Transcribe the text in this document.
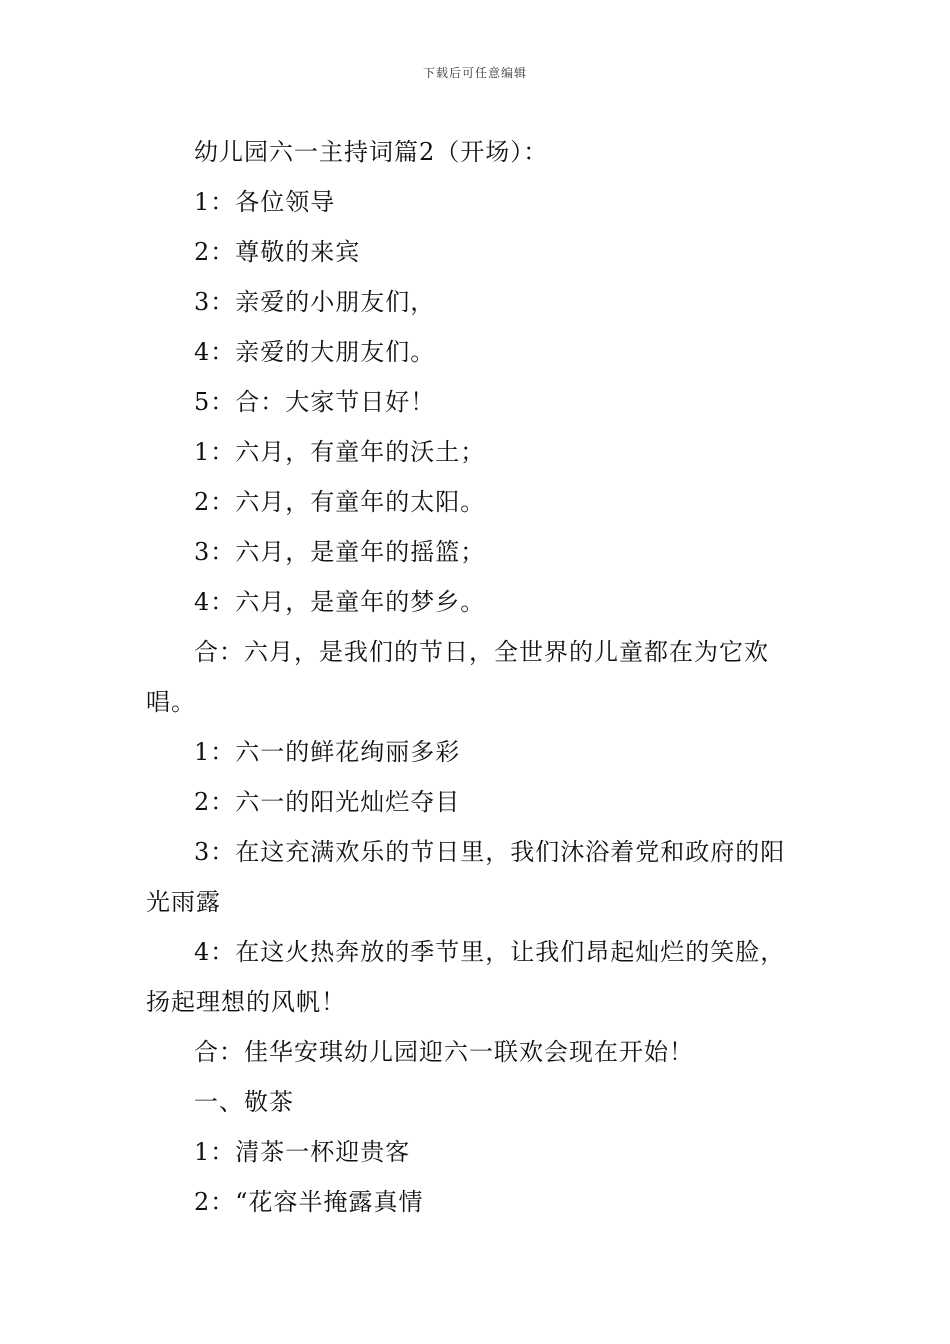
下载后可任意编辑

幼儿园六一主持词篇2（开场）：

1：各位领导

2：尊敬的来宾

3：亲爱的小朋友们，

4：亲爱的大朋友们。

5：合：大家节日好！

1：六月，有童年的沃土；

2：六月，有童年的太阳。

3：六月，是童年的摇篮；

4：六月，是童年的梦乡。

合：六月，是我们的节日，全世界的儿童都在为它欢唱。

1：六一的鲜花绚丽多彩

2：六一的阳光灿烂夺目

3：在这充满欢乐的节日里，我们沐浴着党和政府的阳光雨露

4：在这火热奔放的季节里，让我们昂起灿烂的笑脸，扬起理想的风帆！

合：佳华安琪幼儿园迎六一联欢会现在开始！

一、敬茶

1：清茶一杯迎贵客

2：“花容半掩露真情
